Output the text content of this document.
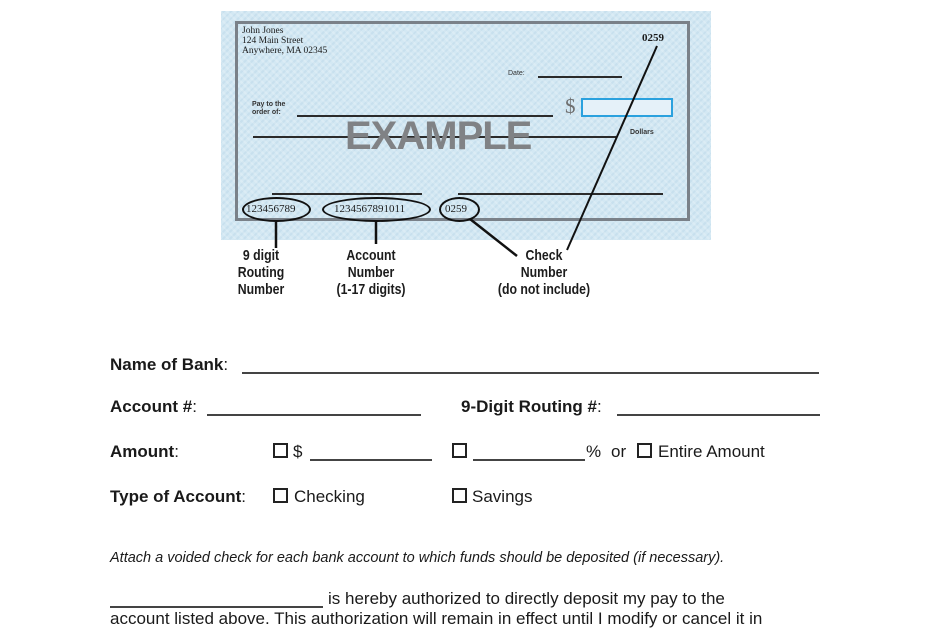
John Jones
124 Main Street
Anywhere, MA 02345
0259
Date:
Pay to the
order of:	$
EXAMPLE	Dollars
123456789	1234567891011	0259
9 digit
Routing
Number
Account
Number
(1-17 digits)
Check
Number
(do not include)
Name of Bank:
Account #:	9-Digit Routing #:
Amount:	$	% or Entire Amount
Type of Account:	Checking	Savings
Attach a voided check for each bank account to which funds should be deposited (if necessary).
is hereby authorized to directly deposit my pay to the
account listed above. This authorization will remain in effect until I modify or cancel it in
